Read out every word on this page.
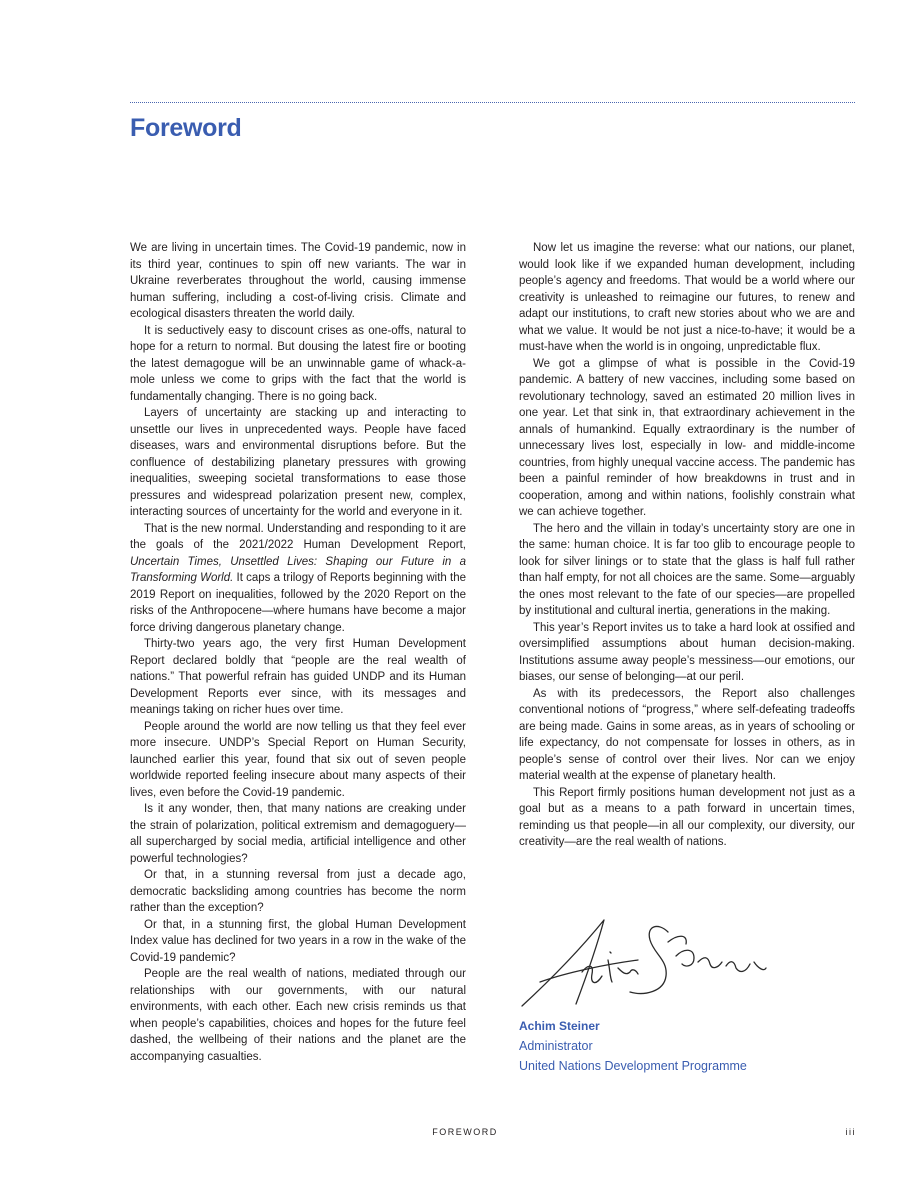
Foreword

We are living in uncertain times. The Covid-19 pandemic, now in its third year, continues to spin off new variants. The war in Ukraine reverberates throughout the world, causing immense human suffering, including a cost-of-living crisis. Climate and ecological disasters threaten the world daily.

It is seductively easy to discount crises as one-offs, natural to hope for a return to normal. But dousing the latest fire or booting the latest demagogue will be an unwinnable game of whack-a-mole unless we come to grips with the fact that the world is fundamentally changing. There is no going back.

Layers of uncertainty are stacking up and interacting to unsettle our lives in unprecedented ways. People have faced diseases, wars and environmental disruptions before. But the confluence of destabilizing planetary pressures with growing inequalities, sweeping societal transformations to ease those pressures and widespread polarization present new, complex, interacting sources of uncertainty for the world and everyone in it.

That is the new normal. Understanding and responding to it are the goals of the 2021/2022 Human Development Report, Uncertain Times, Unsettled Lives: Shaping our Future in a Transforming World. It caps a trilogy of Reports beginning with the 2019 Report on inequalities, followed by the 2020 Report on the risks of the Anthropocene—where humans have become a major force driving dangerous planetary change.

Thirty-two years ago, the very first Human Development Report declared boldly that “people are the real wealth of nations.” That powerful refrain has guided UNDP and its Human Development Reports ever since, with its messages and meanings taking on richer hues over time.

People around the world are now telling us that they feel ever more insecure. UNDP’s Special Report on Human Security, launched earlier this year, found that six out of seven people worldwide reported feeling insecure about many aspects of their lives, even before the Covid-19 pandemic.

Is it any wonder, then, that many nations are creaking under the strain of polarization, political extremism and demagoguery—all supercharged by social media, artificial intelligence and other powerful technologies?

Or that, in a stunning reversal from just a decade ago, democratic backsliding among countries has become the norm rather than the exception?

Or that, in a stunning first, the global Human Development Index value has declined for two years in a row in the wake of the Covid-19 pandemic?

People are the real wealth of nations, mediated through our relationships with our governments, with our natural environments, with each other. Each new crisis reminds us that when people’s capabilities, choices and hopes for the future feel dashed, the wellbeing of their nations and the planet are the accompanying casualties.

Now let us imagine the reverse: what our nations, our planet, would look like if we expanded human development, including people’s agency and freedoms. That would be a world where our creativity is unleashed to reimagine our futures, to renew and adapt our institutions, to craft new stories about who we are and what we value. It would be not just a nice-to-have; it would be a must-have when the world is in ongoing, unpredictable flux.

We got a glimpse of what is possible in the Covid-19 pandemic. A battery of new vaccines, including some based on revolutionary technology, saved an estimated 20 million lives in one year. Let that sink in, that extraordinary achievement in the annals of humankind. Equally extraordinary is the number of unnecessary lives lost, especially in low- and middle-income countries, from highly unequal vaccine access. The pandemic has been a painful reminder of how breakdowns in trust and in cooperation, among and within nations, foolishly constrain what we can achieve together.

The hero and the villain in today’s uncertainty story are one in the same: human choice. It is far too glib to encourage people to look for silver linings or to state that the glass is half full rather than half empty, for not all choices are the same. Some—arguably the ones most relevant to the fate of our species—are propelled by institutional and cultural inertia, generations in the making.

This year’s Report invites us to take a hard look at ossified and oversimplified assumptions about human decision-making. Institutions assume away people’s messiness—our emotions, our biases, our sense of belonging—at our peril.

As with its predecessors, the Report also challenges conventional notions of “progress,” where self-defeating tradeoffs are being made. Gains in some areas, as in years of schooling or life expectancy, do not compensate for losses in others, as in people’s sense of control over their lives. Nor can we enjoy material wealth at the expense of planetary health.

This Report firmly positions human development not just as a goal but as a means to a path forward in uncertain times, reminding us that people—in all our complexity, our diversity, our creativity—are the real wealth of nations.

Achim Steiner

Administrator

United Nations Development Programme

FOREWORD	iii
